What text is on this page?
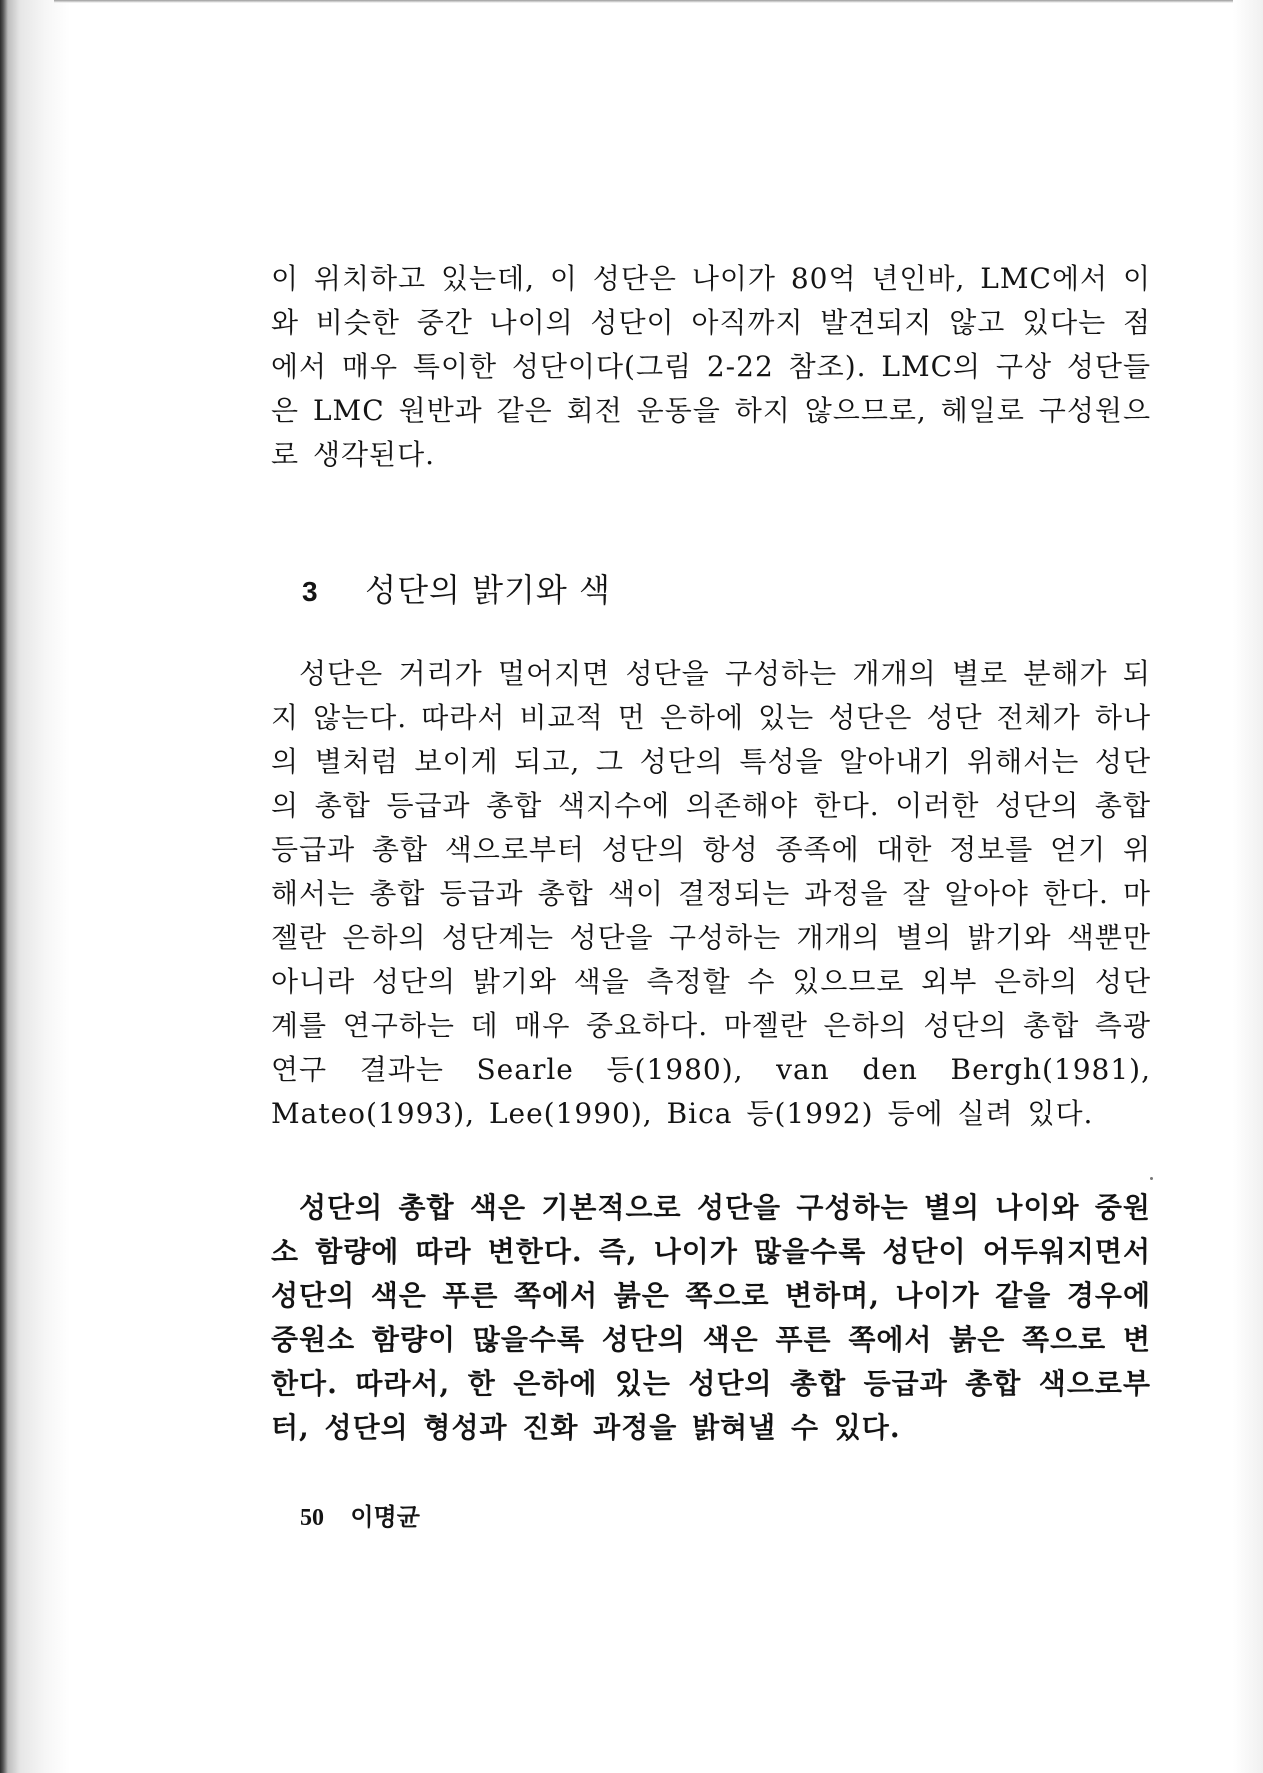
이 위치하고 있는데, 이 성단은 나이가 80억 년인바, LMC에서 이와 비슷한 중간 나이의 성단이 아직까지 발견되지 않고 있다는 점에서 매우 특이한 성단이다(그림 2-22 참조). LMC의 구상 성단들은 LMC 원반과 같은 회전 운동을 하지 않으므로, 헤일로 구성원으로 생각된다.

3 성단의 밝기와 색

성단은 거리가 멀어지면 성단을 구성하는 개개의 별로 분해가 되지 않는다. 따라서 비교적 먼 은하에 있는 성단은 성단 전체가 하나의 별처럼 보이게 되고, 그 성단의 특성을 알아내기 위해서는 성단의 총합 등급과 총합 색지수에 의존해야 한다. 이러한 성단의 총합 등급과 총합 색으로부터 성단의 항성 종족에 대한 정보를 얻기 위해서는 총합 등급과 총합 색이 결정되는 과정을 잘 알아야 한다. 마젤란 은하의 성단계는 성단을 구성하는 개개의 별의 밝기와 색뿐만 아니라 성단의 밝기와 색을 측정할 수 있으므로 외부 은하의 성단계를 연구하는 데 매우 중요하다. 마젤란 은하의 성단의 총합 측광 연구 결과는 Searle 등(1980), van den Bergh(1981), Mateo(1993), Lee(1990), Bica 등(1992) 등에 실려 있다.

성단의 총합 색은 기본적으로 성단을 구성하는 별의 나이와 중원소 함량에 따라 변한다. 즉, 나이가 많을수록 성단이 어두워지면서 성단의 색은 푸른 쪽에서 붉은 쪽으로 변하며, 나이가 같을 경우에 중원소 함량이 많을수록 성단의 색은 푸른 쪽에서 붉은 쪽으로 변한다. 따라서, 한 은하에 있는 성단의 총합 등급과 총합 색으로부터, 성단의 형성과 진화 과정을 밝혀낼 수 있다.

50 이명균
